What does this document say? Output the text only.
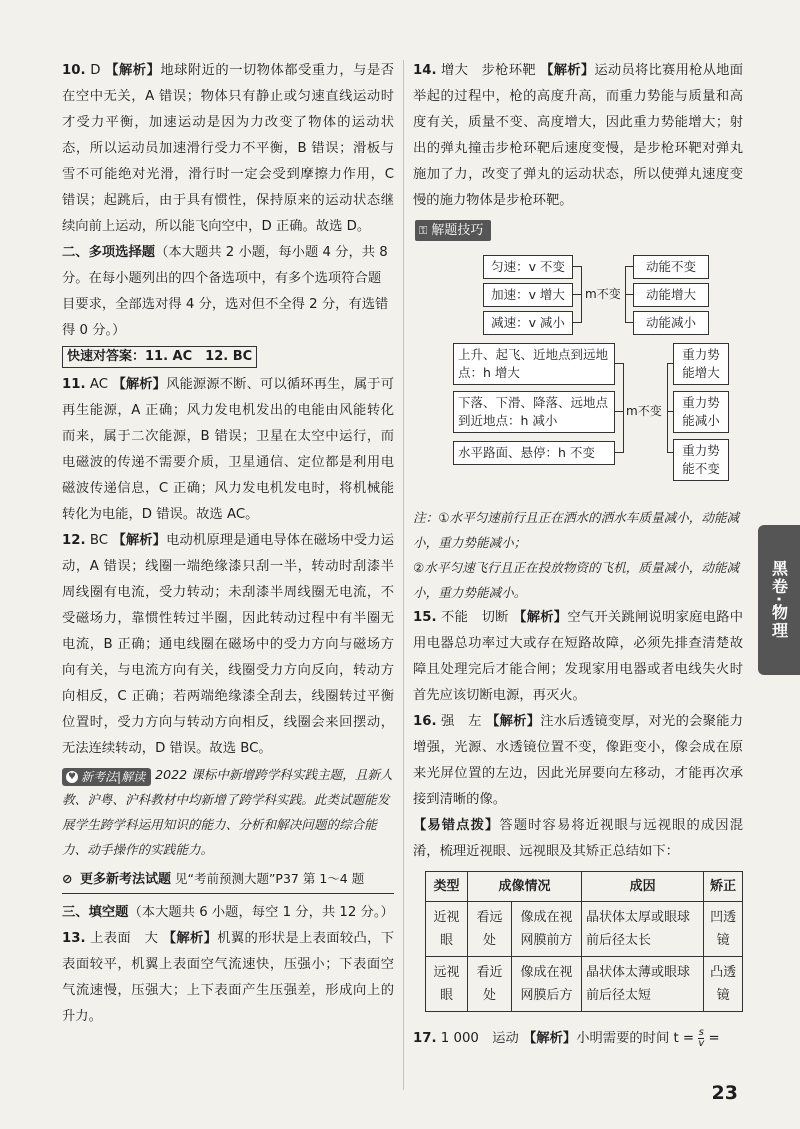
10. D 【解析】地球附近的一切物体都受重力，与是否在空中无关，A 错误；物体只有静止或匀速直线运动时才受力平衡，加速运动是因为力改变了物体的运动状态，所以运动员加速滑行受力不平衡，B 错误；滑板与雪不可能绝对光滑，滑行时一定会受到摩擦力作用，C 错误；起跳后，由于具有惯性，保持原来的运动状态继续向前上运动，所以能飞向空中，D 正确。故选 D。
二、多项选择题（本大题共 2 小题，每小题 4 分，共 8 分。在每小题列出的四个备选项中，有多个选项符合题目要求，全部选对得 4 分，选对但不全得 2 分，有选错得 0 分。）
快速对答案：11. AC　12. BC
11. AC 【解析】风能源源不断、可以循环再生，属于可再生能源，A 正确；风力发电机发出的电能由风能转化而来，属于二次能源，B 错误；卫星在太空中运行，而电磁波的传递不需要介质，卫星通信、定位都是利用电磁波传递信息，C 正确；风力发电机发电时，将机械能转化为电能，D 错误。故选 AC。
12. BC 【解析】电动机原理是通电导体在磁场中受力运动，A 错误；线圈一端绝缘漆只刮一半，转动时刮漆半周线圈有电流，受力转动；未刮漆半周线圈无电流，不受磁场力，靠惯性转过半圈，因此转动过程中有半圈无电流，B 正确；通电线圈在磁场中的受力方向与磁场方向有关，与电流方向有关，线圈受力方向反向，转动方向相反，C 正确；若两端绝缘漆全刮去，线圈转过平衡位置时，受力方向与转动方向相反，线圈会来回摆动，无法连续转动，D 错误。故选 BC。
♥ 新考法 | 解读 2022 课标中新增跨学科实践主题，且新人教、沪粤、沪科教材中均新增了跨学科实践。此类试题能发展学生跨学科运用知识的能力、分析和解决问题的综合能力、动手操作的实践能力。
⊘ 更多新考法试题 见“考前预测大题”P37 第 1～4 题
三、填空题（本大题共 6 小题，每空 1 分，共 12 分。）
13. 上表面　大 【解析】机翼的形状是上表面较凸，下表面较平，机翼上表面空气流速快，压强小；下表面空气流速慢，压强大；上下表面产生压强差，形成向上的升力。
14. 增大　步枪环靶 【解析】运动员将比赛用枪从地面举起的过程中，枪的高度升高，而重力势能与质量和高度有关，质量不变、高度增大，因此重力势能增大；射出的弹丸撞击步枪环靶后速度变慢，是步枪环靶对弹丸施加了力，改变了弹丸的运动状态，所以使弹丸速度变慢的施力物体是步枪环靶。
⚿ 解题技巧
匀速：v 不变
加速：v 增大
减速：v 减小
m不变
动能不变
动能增大
动能减小
上升、起飞、近地点到远地点：h 增大
下落、下滑、降落、远地点到近地点：h 减小
水平路面、悬停：h 不变
m不变
重力势能增大
重力势能减小
重力势能不变
注：①水平匀速前行且正在洒水的洒水车质量减小，动能减小，重力势能减小；
②水平匀速飞行且正在投放物资的飞机，质量减小，动能减小，重力势能减小。
15. 不能　切断 【解析】空气开关跳闸说明家庭电路中用电器总功率过大或存在短路故障，必须先排查清楚故障且处理完后才能合闸；发现家用电器或者电线失火时首先应该切断电源，再灭火。
16. 强　左 【解析】注水后透镜变厚，对光的会聚能力增强，光源、水透镜位置不变，像距变小，像会成在原来光屏位置的左边，因此光屏要向左移动，才能再次承接到清晰的像。
【易错点拨】答题时容易将近视眼与远视眼的成因混淆，梳理近视眼、远视眼及其矫正总结如下：
类型	成像情况		成因	矫正
近视眼	看远处	像成在视网膜前方	晶状体太厚或眼球前后径太长	凹透镜
远视眼	看近处	像成在视网膜后方	晶状体太薄或眼球前后径太短	凸透镜
17. 1 000　运动 【解析】小明需要的时间 $t = \frac{s}{v}$ =
黑卷·物理
23
